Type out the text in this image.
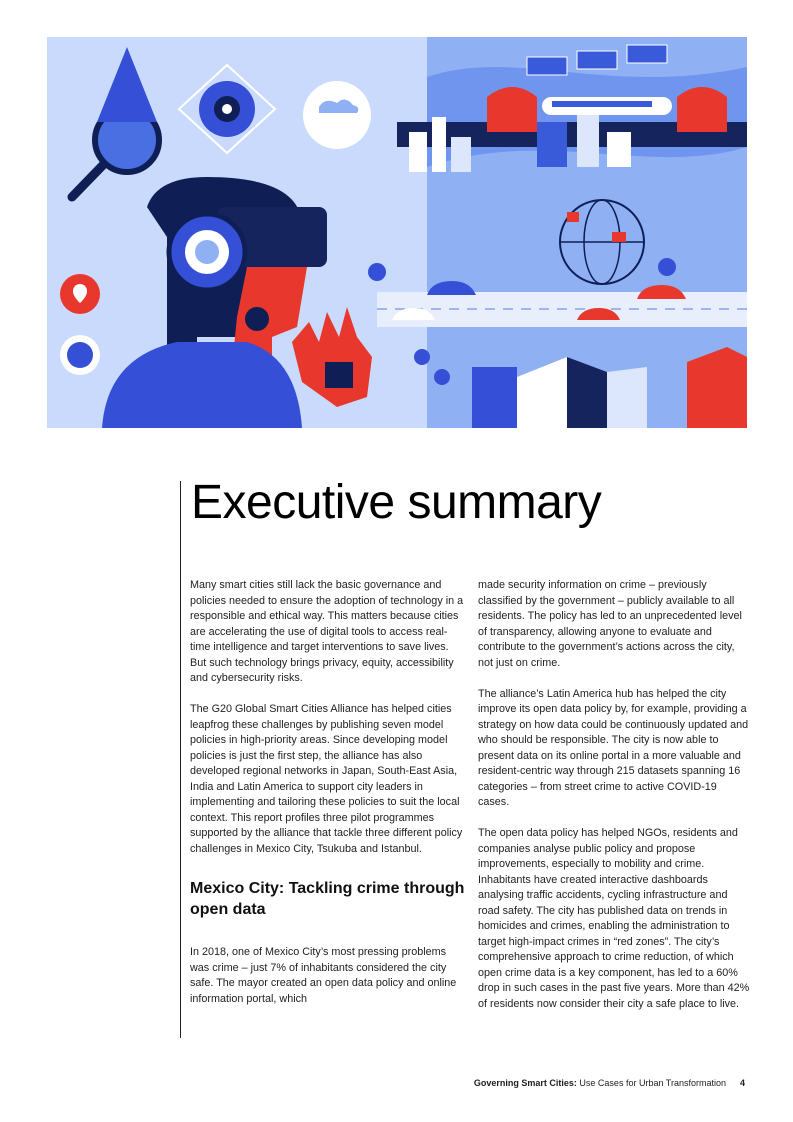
Executive summary

Many smart cities still lack the basic governance and policies needed to ensure the adoption of technology in a responsible and ethical way. This matters because cities are accelerating the use of digital tools to access real-time intelligence and target interventions to save lives. But such technology brings privacy, equity, accessibility and cybersecurity risks.

The G20 Global Smart Cities Alliance has helped cities leapfrog these challenges by publishing seven model policies in high-priority areas. Since developing model policies is just the first step, the alliance has also developed regional networks in Japan, South-East Asia, India and Latin America to support city leaders in implementing and tailoring these policies to suit the local context. This report profiles three pilot programmes supported by the alliance that tackle three different policy challenges in Mexico City, Tsukuba and Istanbul.

Mexico City: Tackling crime through open data

In 2018, one of Mexico City’s most pressing problems was crime – just 7% of inhabitants considered the city safe. The mayor created an open data policy and online information portal, which

made security information on crime – previously classified by the government – publicly available to all residents. The policy has led to an unprecedented level of transparency, allowing anyone to evaluate and contribute to the government’s actions across the city, not just on crime.

The alliance’s Latin America hub has helped the city improve its open data policy by, for example, providing a strategy on how data could be continuously updated and who should be responsible. The city is now able to present data on its online portal in a more valuable and resident-centric way through 215 datasets spanning 16 categories – from street crime to active COVID-19 cases.

The open data policy has helped NGOs, residents and companies analyse public policy and propose improvements, especially to mobility and crime. Inhabitants have created interactive dashboards analysing traffic accidents, cycling infrastructure and road safety. The city has published data on trends in homicides and crimes, enabling the administration to target high-impact crimes in “red zones”. The city’s comprehensive approach to crime reduction, of which open crime data is a key component, has led to a 60% drop in such cases in the past five years. More than 42% of residents now consider their city a safe place to live.

Governing Smart Cities: Use Cases for Urban Transformation 4
